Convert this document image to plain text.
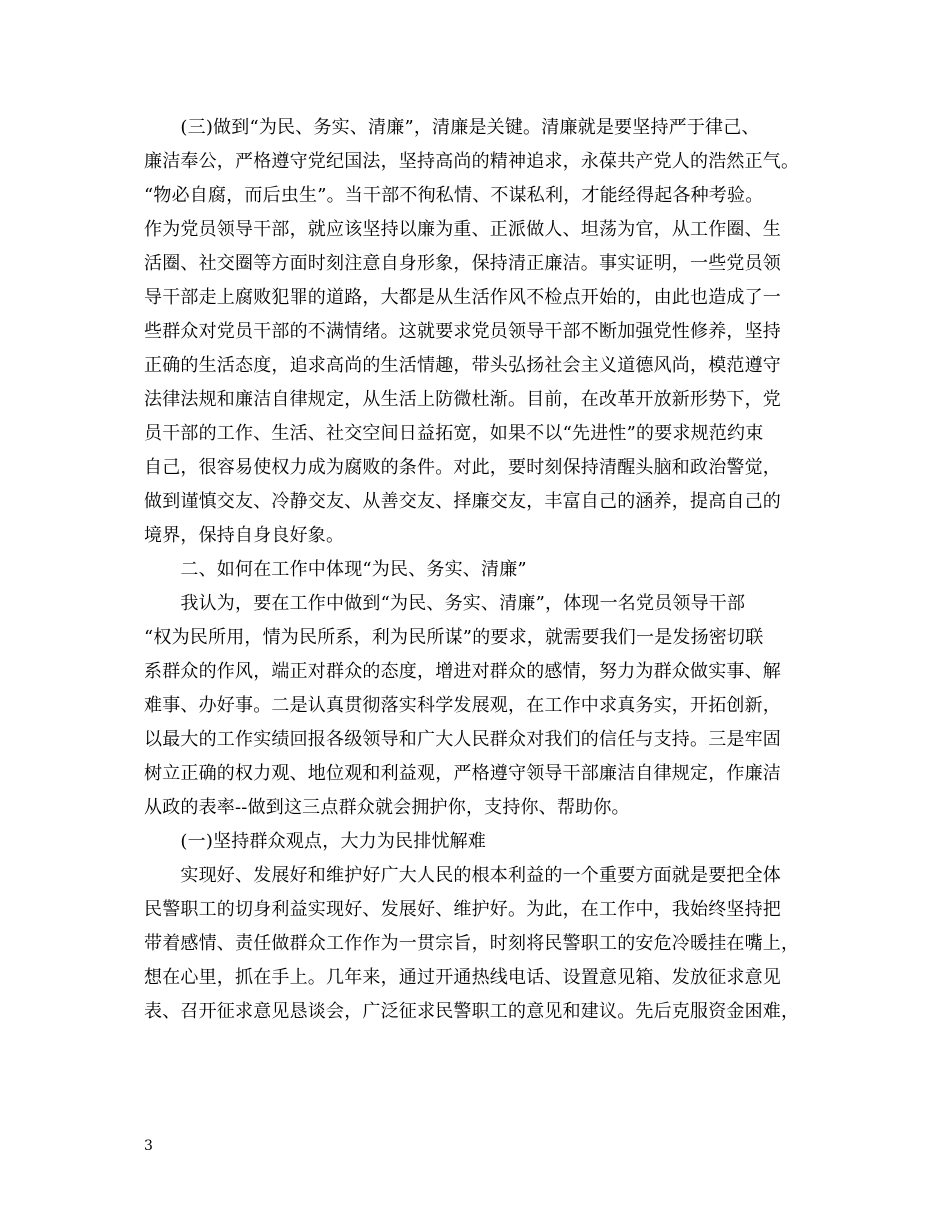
　　(三)做到“为民、务实、清廉”，清廉是关键。清廉就是要坚持严于律己、
廉洁奉公，严格遵守党纪国法，坚持高尚的精神追求，永葆共产党人的浩然正气。
“物必自腐，而后虫生”。当干部不徇私情、不谋私利，才能经得起各种考验。
作为党员领导干部，就应该坚持以廉为重、正派做人、坦荡为官，从工作圈、生
活圈、社交圈等方面时刻注意自身形象，保持清正廉洁。事实证明，一些党员领
导干部走上腐败犯罪的道路，大都是从生活作风不检点开始的，由此也造成了一
些群众对党员干部的不满情绪。这就要求党员领导干部不断加强党性修养，坚持
正确的生活态度，追求高尚的生活情趣，带头弘扬社会主义道德风尚，模范遵守
法律法规和廉洁自律规定，从生活上防微杜渐。目前，在改革开放新形势下，党
员干部的工作、生活、社交空间日益拓宽，如果不以“先进性”的要求规范约束
自己，很容易使权力成为腐败的条件。对此，要时刻保持清醒头脑和政治警觉，
做到谨慎交友、冷静交友、从善交友、择廉交友，丰富自己的涵养，提高自己的
境界，保持自身良好象。
　　二、如何在工作中体现“为民、务实、清廉”
　　我认为，要在工作中做到“为民、务实、清廉”，体现一名党员领导干部
“权为民所用，情为民所系，利为民所谋”的要求，就需要我们一是发扬密切联
系群众的作风，端正对群众的态度，增进对群众的感情，努力为群众做实事、解
难事、办好事。二是认真贯彻落实科学发展观，在工作中求真务实，开拓创新，
以最大的工作实绩回报各级领导和广大人民群众对我们的信任与支持。三是牢固
树立正确的权力观、地位观和利益观，严格遵守领导干部廉洁自律规定，作廉洁
从政的表率--做到这三点群众就会拥护你，支持你、帮助你。
　　(一)坚持群众观点，大力为民排忧解难
　　实现好、发展好和维护好广大人民的根本利益的一个重要方面就是要把全体
民警职工的切身利益实现好、发展好、维护好。为此，在工作中，我始终坚持把
带着感情、责任做群众工作作为一贯宗旨，时刻将民警职工的安危冷暖挂在嘴上，
想在心里，抓在手上。几年来，通过开通热线电话、设置意见箱、发放征求意见
表、召开征求意见恳谈会，广泛征求民警职工的意见和建议。先后克服资金困难，
3
